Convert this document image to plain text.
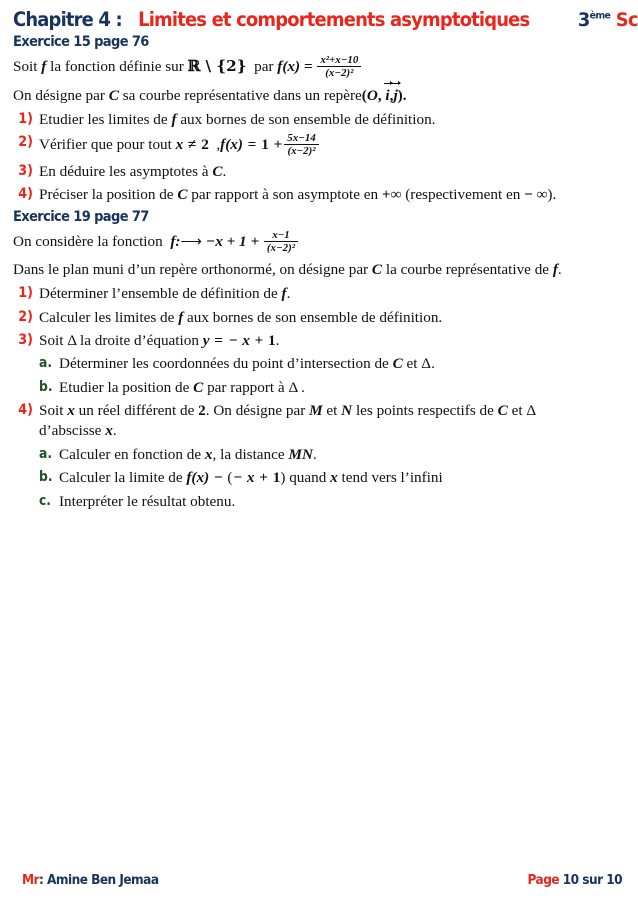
Chapitre 4 : Limites et comportements asymptotiques	3ème Sc
Exercice 15 page 76
Soit f la fonction définie sur ℝ \ {2} par $f(x) = \frac{\text{x²+x−10}}{\text{(x−2)²}}$
On désigne par C sa courbe représentative dans un repère(O, i,j).
1) Etudier les limites de f aux bornes de son ensemble de définition.
2) Vérifier que pour tout x ≠ 2  $,f(x) = 1 + \frac{5x-14}{\text{(x−2)²}}$
3) En déduire les asymptotes à C.
4) Préciser la position de C par rapport à son asymptote en +∞ (respectivement en − ∞).
Exercice 19 page 77
On considère la fonction f:⟶ $-x + 1 + \frac{x-1}{\text{(x−2)²}}$
Dans le plan muni d’un repère orthonormé, on désigne par C la courbe représentative de f.
1) Déterminer l’ensemble de définition de f.
2) Calculer les limites de f aux bornes de son ensemble de définition.
3) Soit Δ la droite d’équation y = − x + 1.
a. Déterminer les coordonnées du point d’intersection de C et Δ.
b. Etudier la position de C par rapport à Δ .
4) Soit x un réel différent de 2. On désigne par M et N les points respectifs de C et Δ
d’abscisse x.
a. Calculer en fonction de x, la distance MN.
b. Calculer la limite de f(x) − (− x + 1) quand x tend vers l’infini
c. Interpréter le résultat obtenu.
Mr: Amine Ben Jemaa	Page 10 sur 10
